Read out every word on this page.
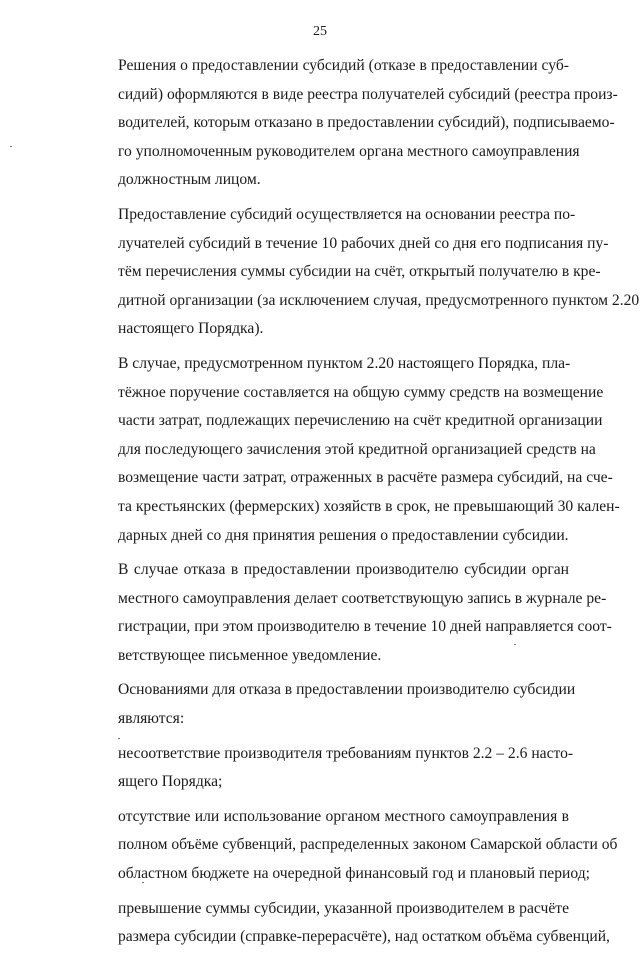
25

Решения о предоставлении субсидий (отказе в предоставлении суб-
сидий) оформляются в виде реестра получателей субсидий (реестра произ-
водителей, которым отказано в предоставлении субсидий), подписываемо-
го уполномоченным руководителем органа местного самоуправления
должностным лицом.

Предоставление субсидий осуществляется на основании реестра по-
лучателей субсидий в течение 10 рабочих дней со дня его подписания пу-
тём перечисления суммы субсидии на счёт, открытый получателю в кре-
дитной организации (за исключением случая, предусмотренного пунктом 2.20
настоящего Порядка).

В случае, предусмотренном пунктом 2.20 настоящего Порядка, пла-
тёжное поручение составляется на общую сумму средств на возмещение
части затрат, подлежащих перечислению на счёт кредитной организации
для последующего зачисления этой кредитной организацией средств на
возмещение части затрат, отраженных в расчёте размера субсидий, на сче-
та крестьянских (фермерских) хозяйств в срок, не превышающий 30 кален-
дарных дней со дня принятия решения о предоставлении субсидии.

В случае отказа в предоставлении производителю субсидии орган
местного самоуправления делает соответствующую запись в журнале ре-
гистрации, при этом производителю в течение 10 дней направляется соот-
ветствующее письменное уведомление.

Основаниями для отказа в предоставлении производителю субсидии
являются:

несоответствие производителя требованиям пунктов 2.2 – 2.6 насто-
ящего Порядка;

отсутствие или использование органом местного самоуправления в
полном объёме субвенций, распределенных законом Самарской области об
областном бюджете на очередной финансовый год и плановый период;

превышение суммы субсидии, указанной производителем в расчёте
размера субсидии (справке-перерасчёте), над остатком объёма субвенций,
